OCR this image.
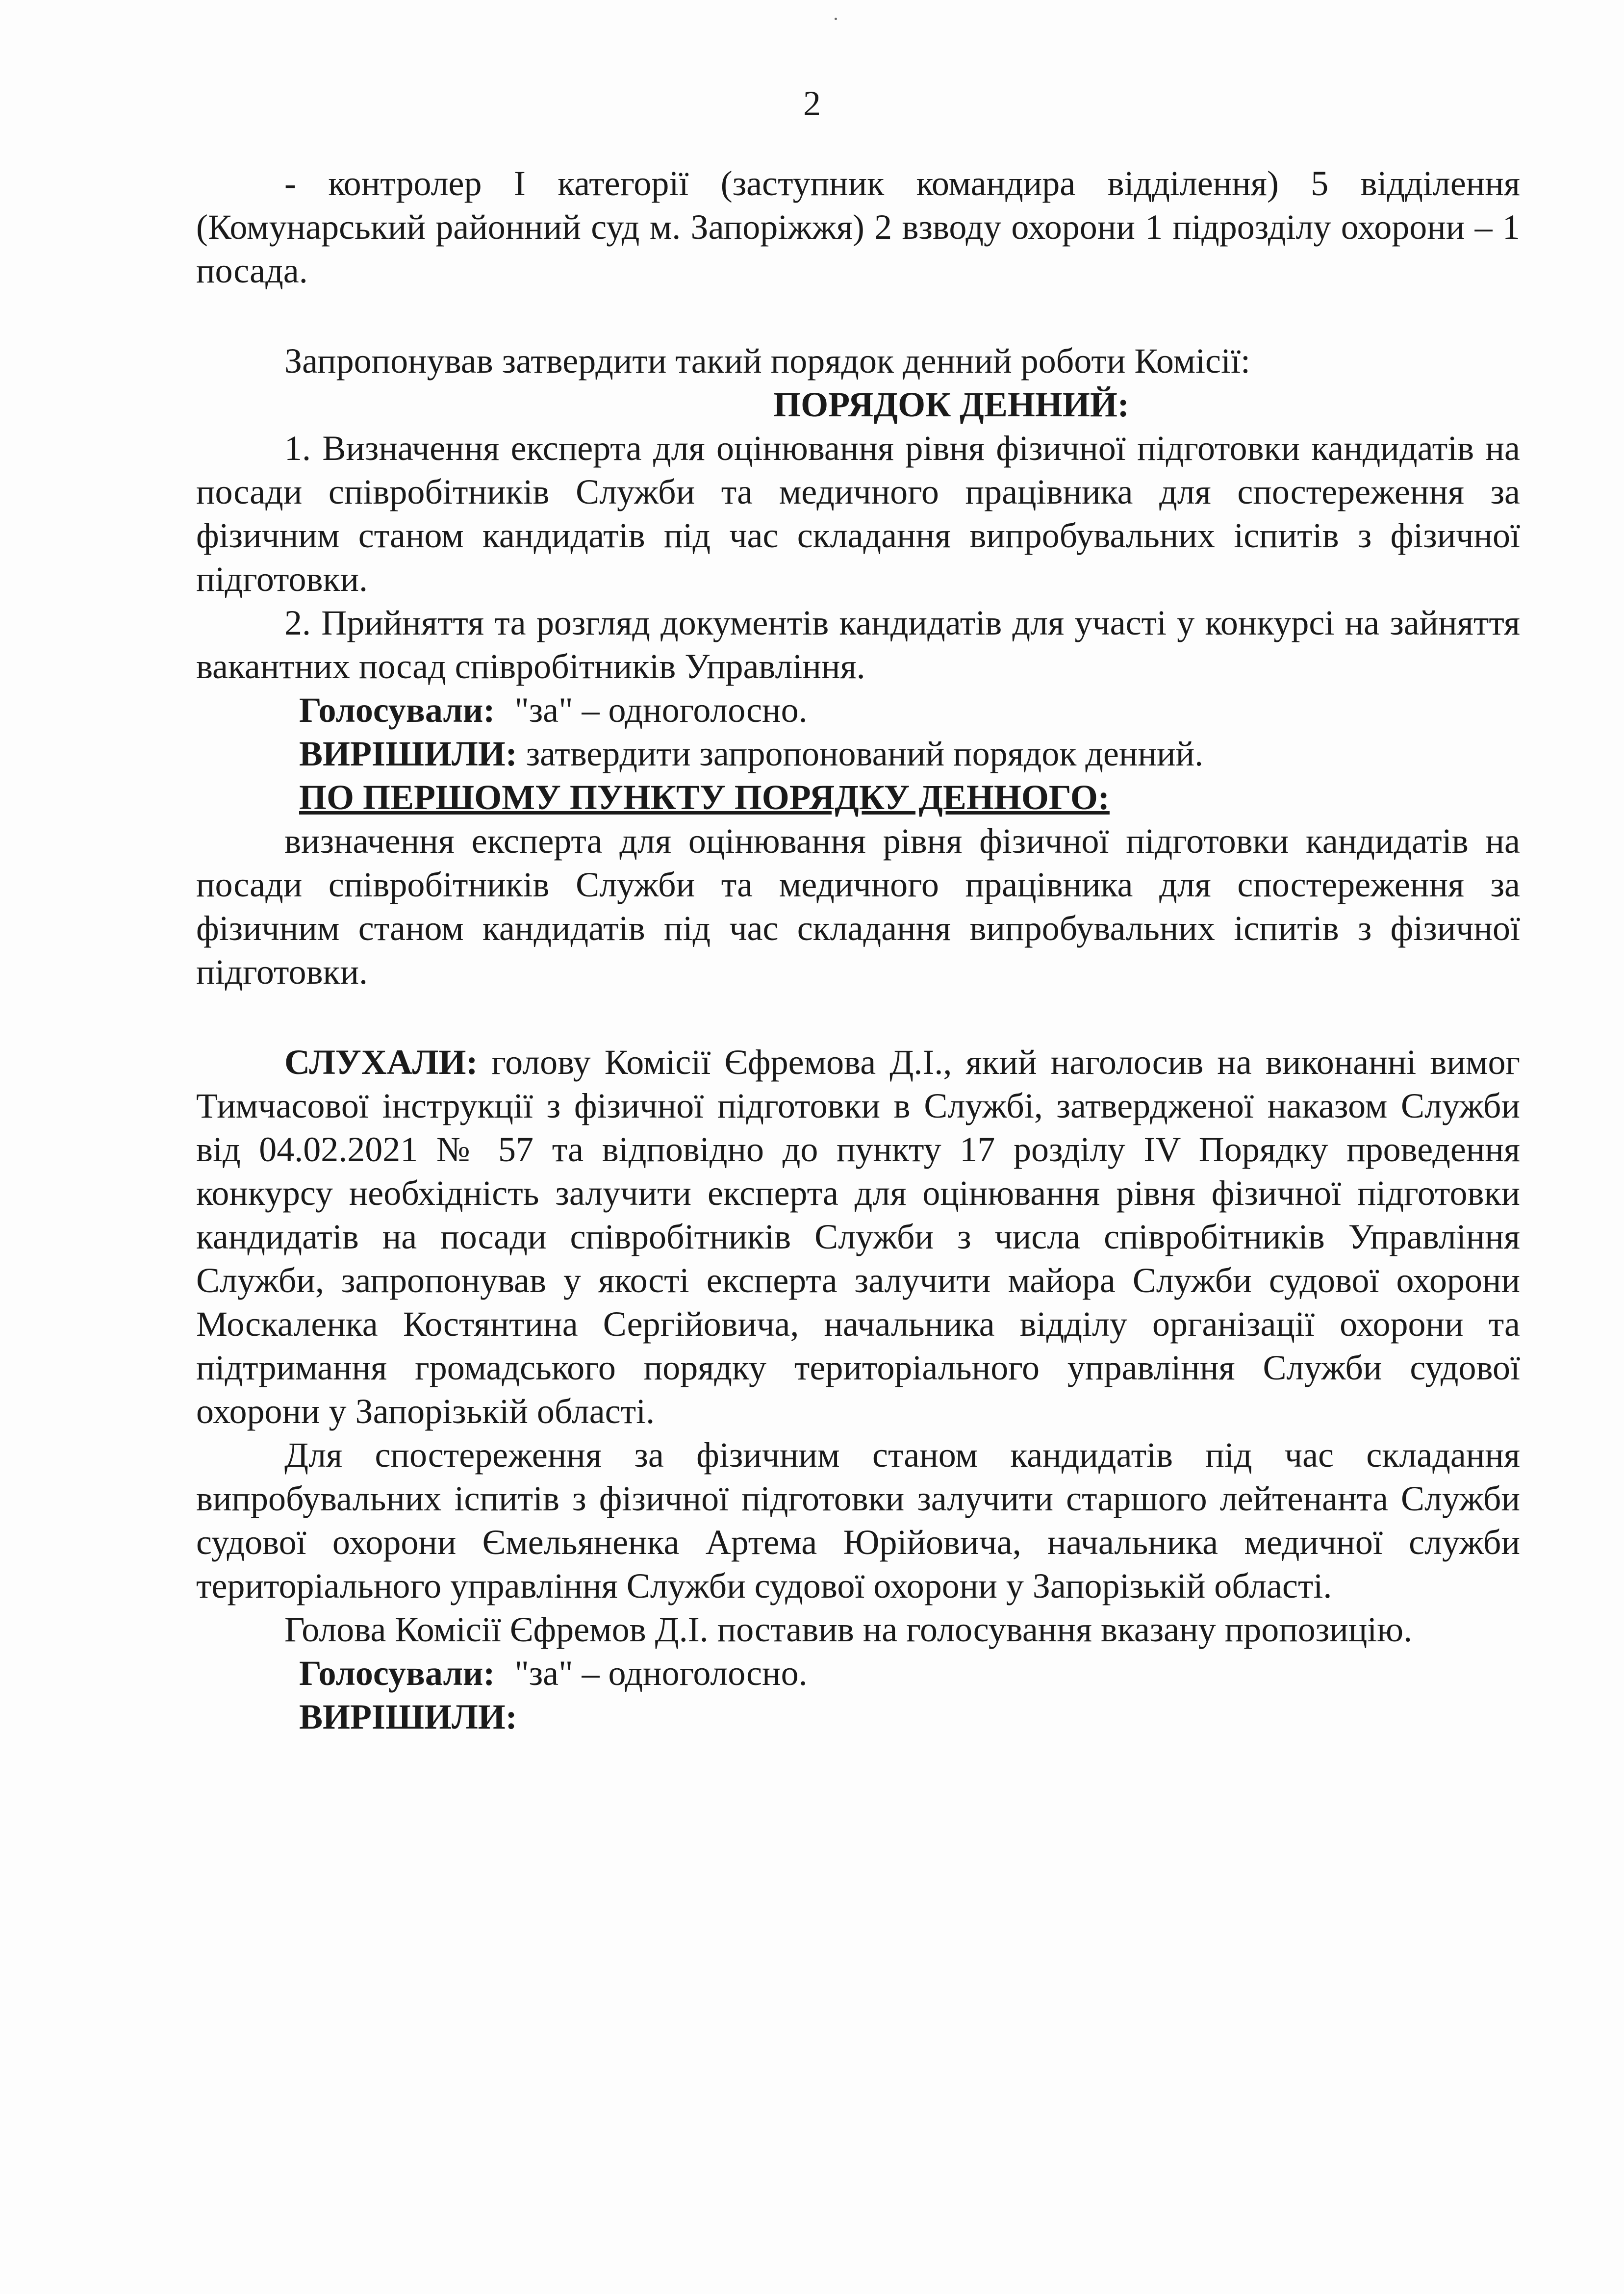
2

- контролер I категорії (заступник командира відділення) 5 відділення (Комунарський районний суд м. Запоріжжя) 2 взводу охорони 1 підрозділу охорони – 1 посада.

Запропонував затвердити такий порядок денний роботи Комісії:

ПОРЯДОК ДЕННИЙ:

1. Визначення експерта для оцінювання рівня фізичної підготовки кандидатів на посади співробітників Служби та медичного працівника для спостереження за фізичним станом кандидатів під час складання випробувальних іспитів з фізичної підготовки.

2. Прийняття та розгляд документів кандидатів для участі у конкурсі на зайняття вакантних посад співробітників Управління.

Голосували: "за" – одноголосно.

ВИРІШИЛИ: затвердити запропонований порядок денний.

ПО ПЕРШОМУ ПУНКТУ ПОРЯДКУ ДЕННОГО:

визначення експерта для оцінювання рівня фізичної підготовки кандидатів на посади співробітників Служби та медичного працівника для спостереження за фізичним станом кандидатів під час складання випробувальних іспитів з фізичної підготовки.

СЛУХАЛИ: голову Комісії Єфремова Д.І., який наголосив на виконанні вимог Тимчасової інструкції з фізичної підготовки в Службі, затвердженої наказом Служби від 04.02.2021 № 57 та відповідно до пункту 17 розділу IV Порядку проведення конкурсу необхідність залучити експерта для оцінювання рівня фізичної підготовки кандидатів на посади співробітників Служби з числа співробітників Управління Служби, запропонував у якості експерта залучити майора Служби судової охорони Москаленка Костянтина Сергійовича, начальника відділу організації охорони та підтримання громадського порядку територіального управління Служби судової охорони у Запорізькій області.

Для спостереження за фізичним станом кандидатів під час складання випробувальних іспитів з фізичної підготовки залучити старшого лейтенанта Служби судової охорони Ємельяненка Артема Юрійовича, начальника медичної служби територіального управління Служби судової охорони у Запорізькій області.

Голова Комісії Єфремов Д.І. поставив на голосування вказану пропозицію.

Голосували: "за" – одноголосно.

ВИРІШИЛИ:
